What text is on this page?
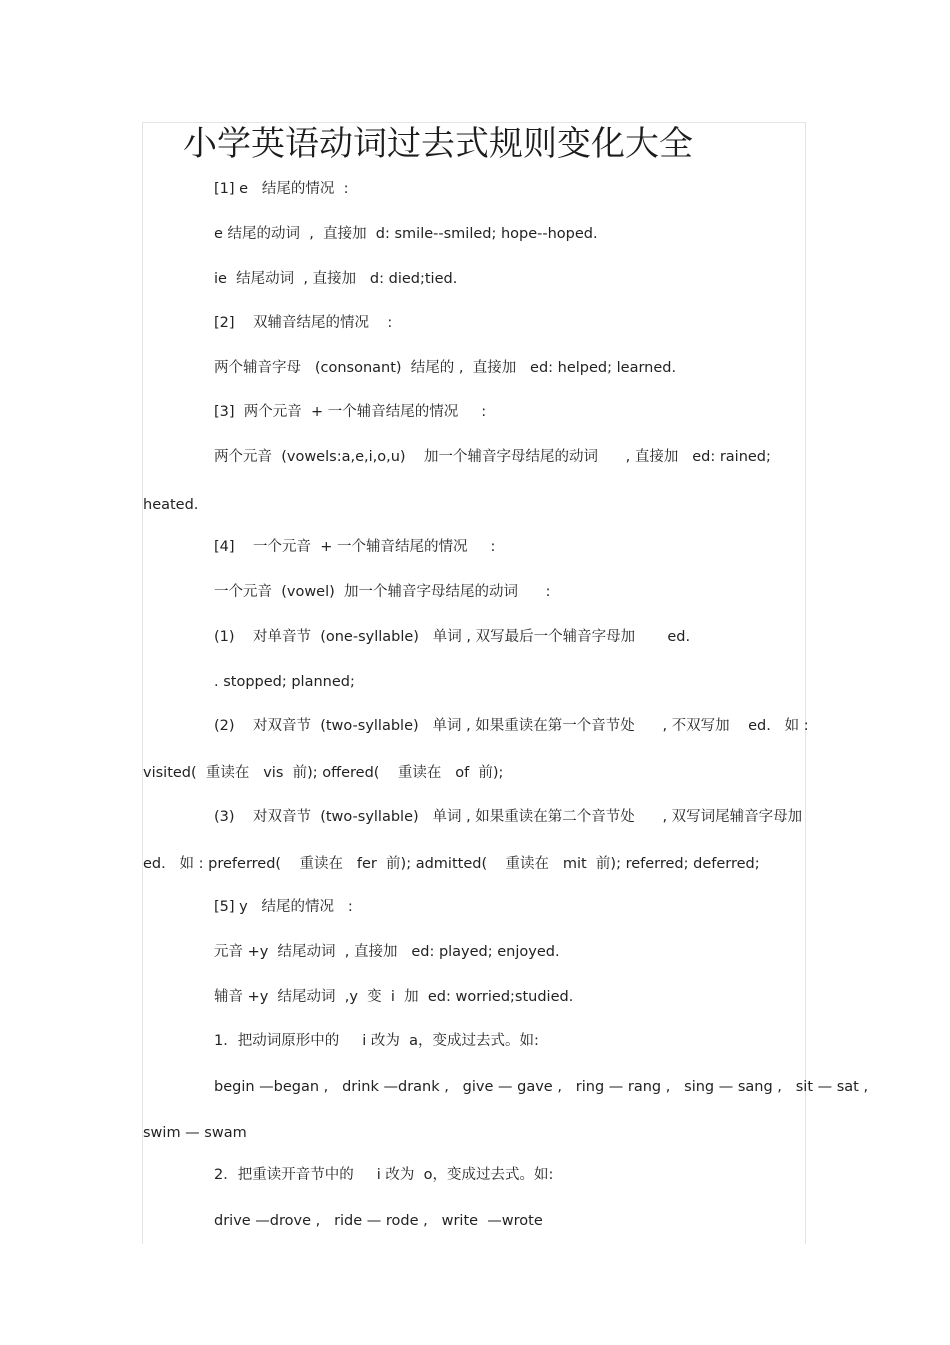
小学英语动词过去式规则变化大全

[1] e   结尾的情况  :

e 结尾的动词  ,  直接加  d: smile--smiled; hope--hoped.

ie  结尾动词  , 直接加   d: died;tied.

[2]    双辅音结尾的情况    :

两个辅音字母   (consonant)  结尾的 ,  直接加   ed: helped; learned.

[3]  两个元音  + 一个辅音结尾的情况     :

两个元音  (vowels:a,e,i,o,u)    加一个辅音字母结尾的动词      , 直接加   ed: rained;

heated.

[4]    一个元音  + 一个辅音结尾的情况     :

一个元音  (vowel)  加一个辅音字母结尾的动词      :

(1)    对单音节  (one-syllable)   单词 , 双写最后一个辅音字母加       ed.

. stopped; planned;

(2)    对双音节  (two-syllable)   单词 , 如果重读在第一个音节处      , 不双写加    ed.   如 :

visited(  重读在   vis  前); offered(    重读在   of  前);

(3)    对双音节  (two-syllable)   单词 , 如果重读在第二个音节处      , 双写词尾辅音字母加

ed.   如 : preferred(    重读在   fer  前); admitted(    重读在   mit  前); referred; deferred;

[5] y   结尾的情况   :

元音 +y  结尾动词  , 直接加   ed: played; enjoyed.

辅音 +y  结尾动词  ,y  变  i  加  ed: worried;studied.

1．把动词原形中的     i 改为  a，变成过去式。如:

begin —began ,   drink —drank ,   give — gave ,   ring — rang ,   sing — sang ,   sit — sat ,

swim — swam

2．把重读开音节中的     i 改为  o，变成过去式。如:

drive —drove ,   ride — rode ,   write  —wrote
